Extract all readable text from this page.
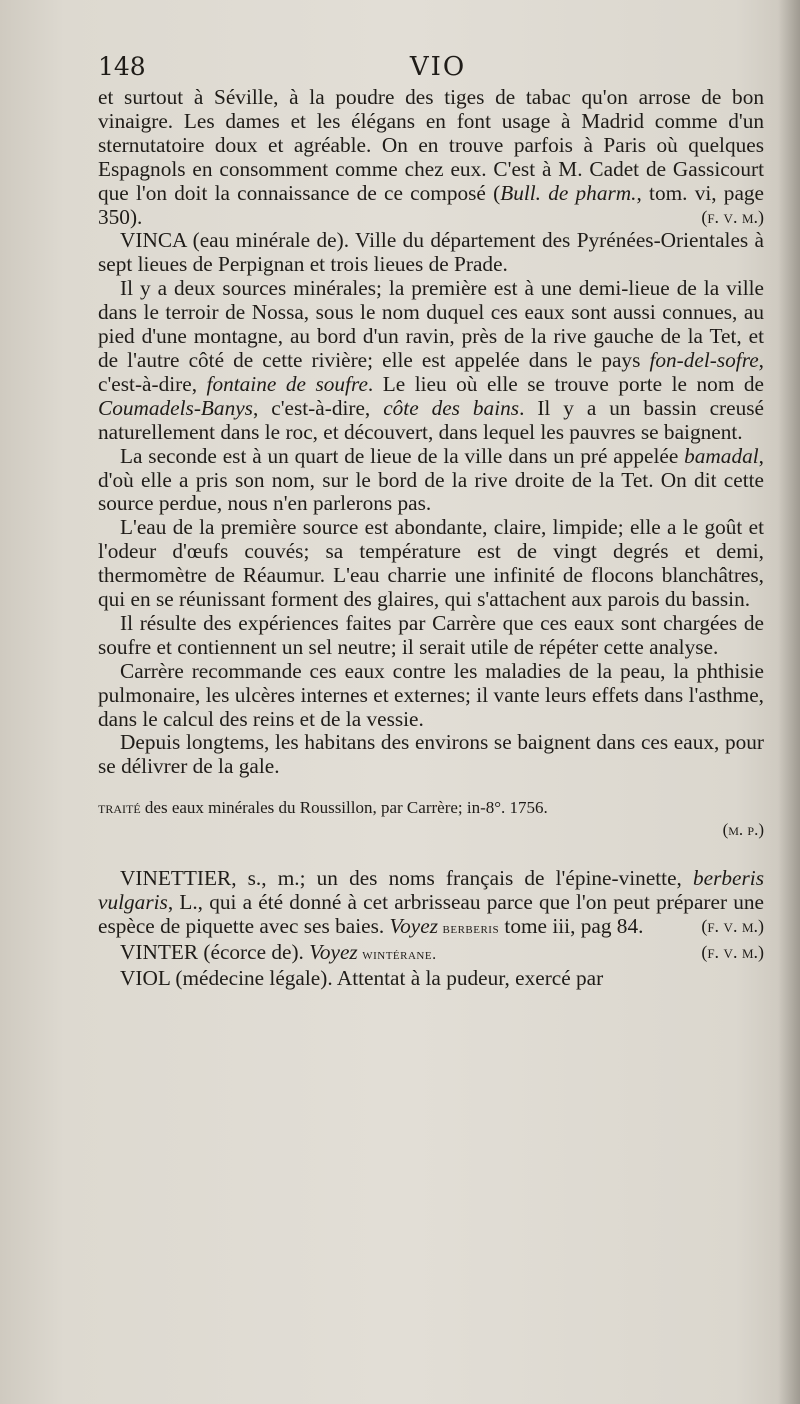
148	VIO

et surtout à Séville, à la poudre des tiges de tabac qu'on arrose de bon vinaigre. Les dames et les élégans en font usage à Madrid comme d'un sternutatoire doux et agréable. On en trouve parfois à Paris où quelques Espagnols en consomment comme chez eux. C'est à M. Cadet de Gassicourt que l'on doit la connaissance de ce composé (Bull. de pharm., tom. vi, page 350).	(f. v. m.)

VINCA (eau minérale de). Ville du département des Pyrénées-Orientales à sept lieues de Perpignan et trois lieues de Prade.

Il y a deux sources minérales; la première est à une demi-lieue de la ville dans le terroir de Nossa, sous le nom duquel ces eaux sont aussi connues, au pied d'une montagne, au bord d'un ravin, près de la rive gauche de la Tet, et de l'autre côté de cette rivière; elle est appelée dans le pays fon-del-sofre, c'est-à-dire, fontaine de soufre. Le lieu où elle se trouve porte le nom de Coumadels-Banys, c'est-à-dire, côte des bains. Il y a un bassin creusé naturellement dans le roc, et découvert, dans lequel les pauvres se baignent.

La seconde est à un quart de lieue de la ville dans un pré appelée bamadal, d'où elle a pris son nom, sur le bord de la rive droite de la Tet. On dit cette source perdue, nous n'en parlerons pas.

L'eau de la première source est abondante, claire, limpide; elle a le goût et l'odeur d'œufs couvés; sa température est de vingt degrés et demi, thermomètre de Réaumur. L'eau charrie une infinité de flocons blanchâtres, qui en se réunissant forment des glaires, qui s'attachent aux parois du bassin.

Il résulte des expériences faites par Carrère que ces eaux sont chargées de soufre et contiennent un sel neutre; il serait utile de répéter cette analyse.

Carrère recommande ces eaux contre les maladies de la peau, la phthisie pulmonaire, les ulcères internes et externes; il vante leurs effets dans l'asthme, dans le calcul des reins et de la vessie.

Depuis longtems, les habitans des environs se baignent dans ces eaux, pour se délivrer de la gale.

traité des eaux minérales du Roussillon, par Carrère; in-8°. 1756.
(m. p.)

VINETTIER, s., m.; un des noms français de l'épine-vinette, berberis vulgaris, L., qui a été donné à cet arbrisseau parce que l'on peut préparer une espèce de piquette avec ses baies. Voyez berberis tome iii, pag 84.	(f. v. m.)

VINTER (écorce de). Voyez wintérane.	(f. v. m.)

VIOL (médecine légale). Attentat à la pudeur, exercé par
